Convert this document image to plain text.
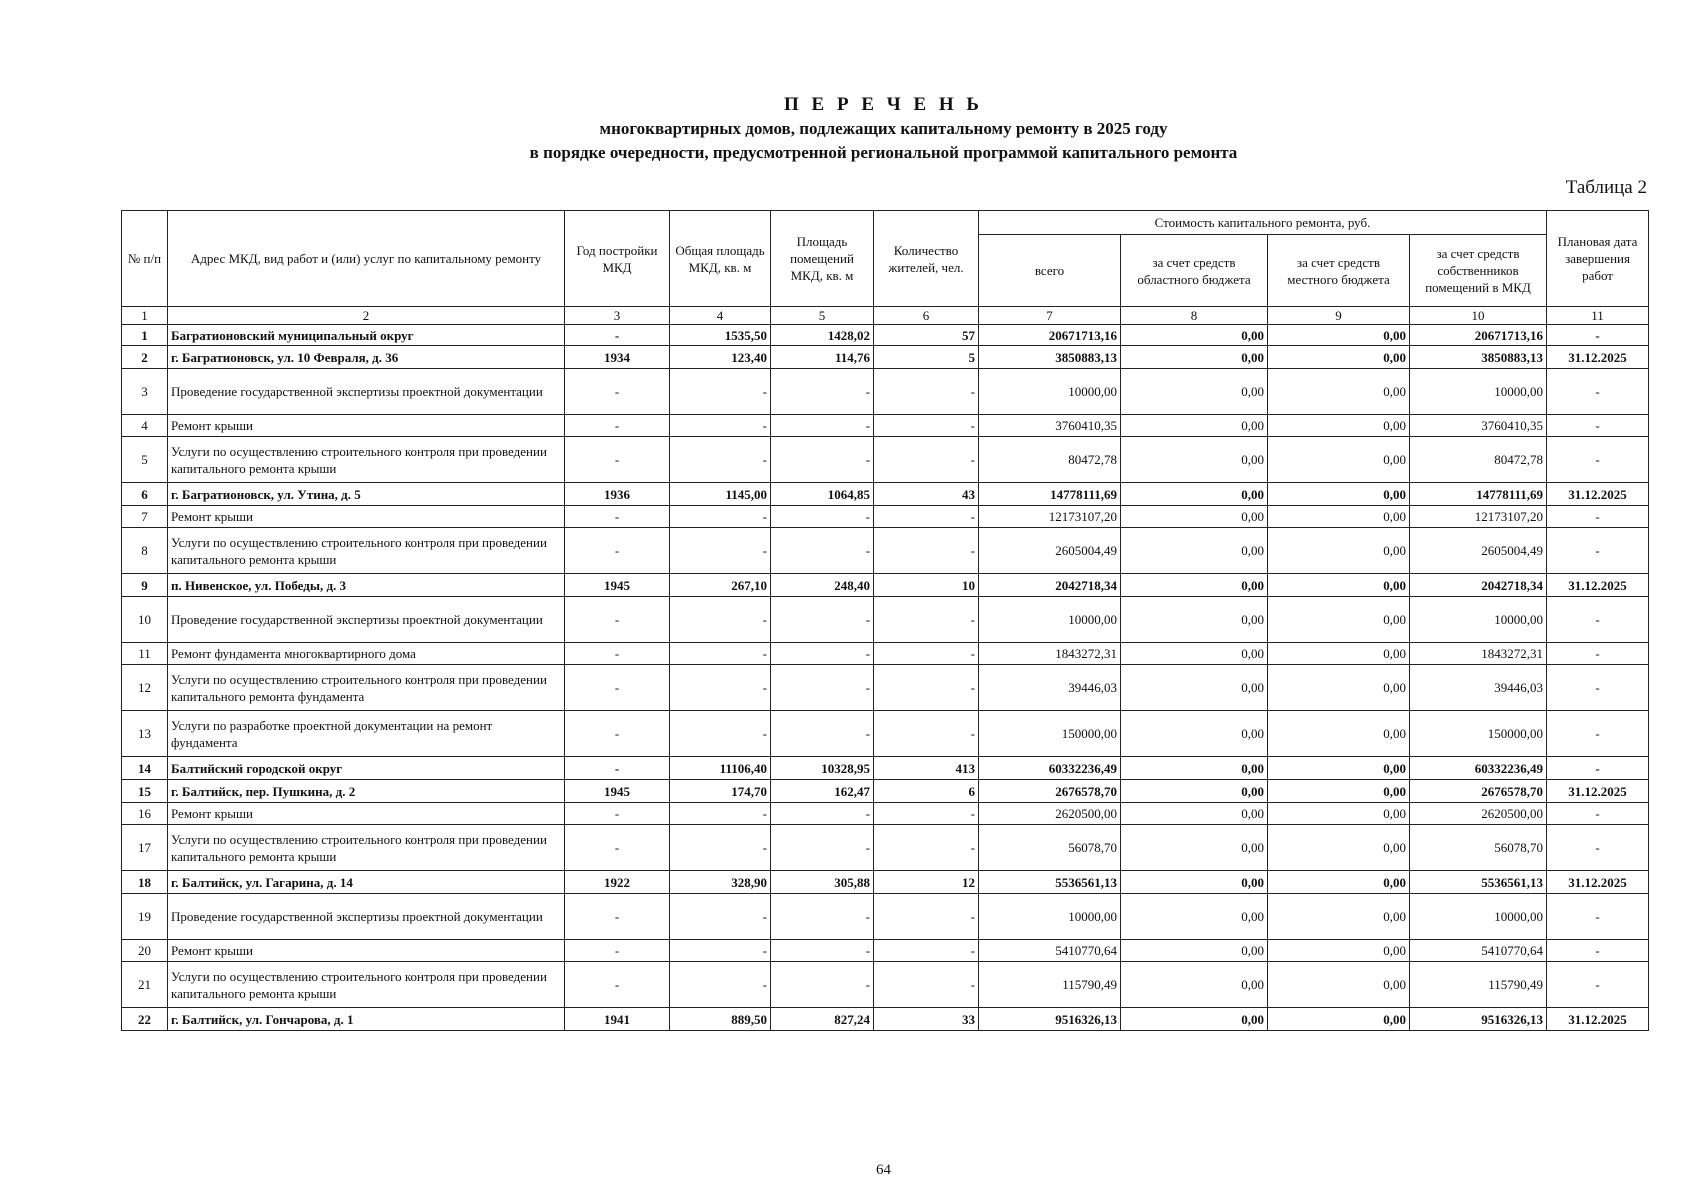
П Е Р Е Ч Е Н Ь
многоквартирных домов, подлежащих капитальному ремонту в 2025 году
в порядке очередности, предусмотренной региональной программой капитального ремонта
Таблица 2
№ п/п	Адрес МКД, вид работ и (или) услуг по капитальному ремонту	Год постройки МКД	Общая площадь МКД, кв. м	Площадь помещений МКД, кв. м	Количество жителей, чел.	Стоимость капитального ремонта, руб.				Плановая дата завершения работ
						всего	за счет средств областного бюджета	за счет средств местного бюджета	за счет средств собственников помещений в МКД	
1	2	3	4	5	6	7	8	9	10	11
1	Багратионовский муниципальный округ	-	1535,50	1428,02	57	20671713,16	0,00	0,00	20671713,16	-
2	г. Багратионовск, ул. 10 Февраля, д. 36	1934	123,40	114,76	5	3850883,13	0,00	0,00	3850883,13	31.12.2025
3	Проведение государственной экспертизы проектной документации	-	-	-	-	10000,00	0,00	0,00	10000,00	-
4	Ремонт крыши	-	-	-	-	3760410,35	0,00	0,00	3760410,35	-
5	Услуги по осуществлению строительного контроля при проведении капитального ремонта крыши	-	-	-	-	80472,78	0,00	0,00	80472,78	-
6	г. Багратионовск, ул. Утина, д. 5	1936	1145,00	1064,85	43	14778111,69	0,00	0,00	14778111,69	31.12.2025
7	Ремонт крыши	-	-	-	-	12173107,20	0,00	0,00	12173107,20	-
8	Услуги по осуществлению строительного контроля при проведении капитального ремонта крыши	-	-	-	-	2605004,49	0,00	0,00	2605004,49	-
9	п. Нивенское, ул. Победы, д. 3	1945	267,10	248,40	10	2042718,34	0,00	0,00	2042718,34	31.12.2025
10	Проведение государственной экспертизы проектной документации	-	-	-	-	10000,00	0,00	0,00	10000,00	-
11	Ремонт фундамента многоквартирного дома	-	-	-	-	1843272,31	0,00	0,00	1843272,31	-
12	Услуги по осуществлению строительного контроля при проведении капитального ремонта фундамента	-	-	-	-	39446,03	0,00	0,00	39446,03	-
13	Услуги по разработке проектной документации на ремонт фундамента	-	-	-	-	150000,00	0,00	0,00	150000,00	-
14	Балтийский городской округ	-	11106,40	10328,95	413	60332236,49	0,00	0,00	60332236,49	-
15	г. Балтийск, пер. Пушкина, д. 2	1945	174,70	162,47	6	2676578,70	0,00	0,00	2676578,70	31.12.2025
16	Ремонт крыши	-	-	-	-	2620500,00	0,00	0,00	2620500,00	-
17	Услуги по осуществлению строительного контроля при проведении капитального ремонта крыши	-	-	-	-	56078,70	0,00	0,00	56078,70	-
18	г. Балтийск, ул. Гагарина, д. 14	1922	328,90	305,88	12	5536561,13	0,00	0,00	5536561,13	31.12.2025
19	Проведение государственной экспертизы проектной документации	-	-	-	-	10000,00	0,00	0,00	10000,00	-
20	Ремонт крыши	-	-	-	-	5410770,64	0,00	0,00	5410770,64	-
21	Услуги по осуществлению строительного контроля при проведении капитального ремонта крыши	-	-	-	-	115790,49	0,00	0,00	115790,49	-
22	г. Балтийск, ул. Гончарова, д. 1	1941	889,50	827,24	33	9516326,13	0,00	0,00	9516326,13	31.12.2025
64
